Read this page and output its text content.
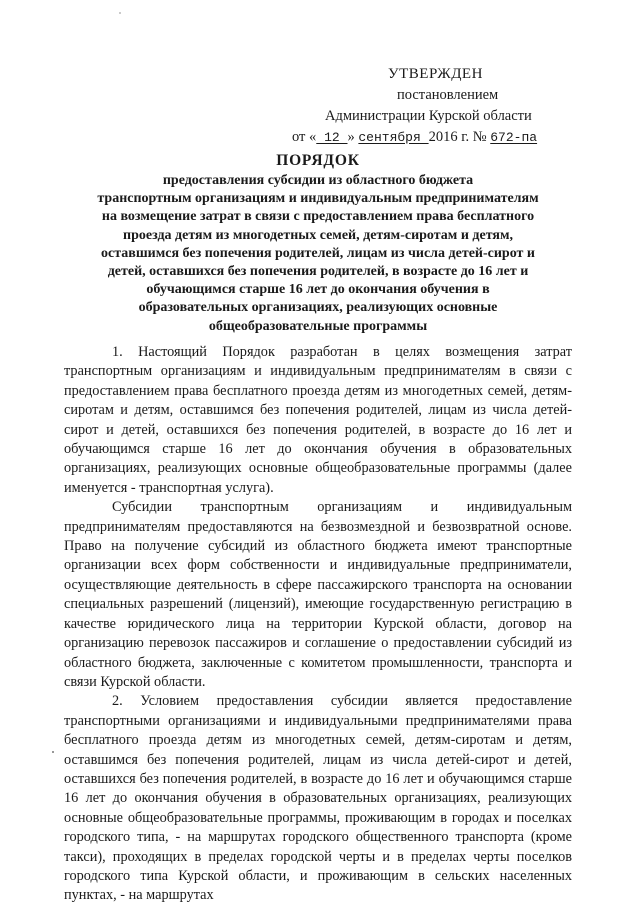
УТВЕРЖДЕН
постановлением
Администрации Курской области
от « 12 » сентября 2016 г. № 672-па
ПОРЯДОК
предоставления субсидии из областного бюджета
транспортным организациям и индивидуальным предпринимателям
на возмещение затрат в связи с предоставлением права бесплатного
проезда детям из многодетных семей, детям-сиротам и детям,
оставшимся без попечения родителей, лицам из числа детей-сирот и
детей, оставшихся без попечения родителей, в возрасте до 16 лет и
обучающимся старше 16 лет до окончания обучения в
образовательных организациях, реализующих основные
общеобразовательные программы

1. Настоящий Порядок разработан в целях возмещения затрат транспортным организациям и индивидуальным предпринимателям в связи с предоставлением права бесплатного проезда детям из многодетных семей, детям-сиротам и детям, оставшимся без попечения родителей, лицам из числа детей-сирот и детей, оставшихся без попечения родителей, в возрасте до 16 лет и обучающимся старше 16 лет до окончания обучения в образовательных организациях, реализующих основные общеобразовательные программы (далее именуется - транспортная услуга).

Субсидии транспортным организациям и индивидуальным предпринимателям предоставляются на безвозмездной и безвозвратной основе. Право на получение субсидий из областного бюджета имеют транспортные организации всех форм собственности и индивидуальные предприниматели, осуществляющие деятельность в сфере пассажирского транспорта на основании специальных разрешений (лицензий), имеющие государственную регистрацию в качестве юридического лица на территории Курской области, договор на организацию перевозок пассажиров и соглашение о предоставлении субсидий из областного бюджета, заключенные с комитетом промышленности, транспорта и связи Курской области.

2. Условием предоставления субсидии является предоставление транспортными организациями и индивидуальными предпринимателями права бесплатного проезда детям из многодетных семей, детям-сиротам и детям, оставшимся без попечения родителей, лицам из числа детей-сирот и детей, оставшихся без попечения родителей, в возрасте до 16 лет и обучающимся старше 16 лет до окончания обучения в образовательных организациях, реализующих основные общеобразовательные программы, проживающим в городах и поселках городского типа, - на маршрутах городского общественного транспорта (кроме такси), проходящих в пределах городской черты и в пределах черты поселков городского типа Курской области, и проживающим в сельских населенных пунктах, - на маршрутах
